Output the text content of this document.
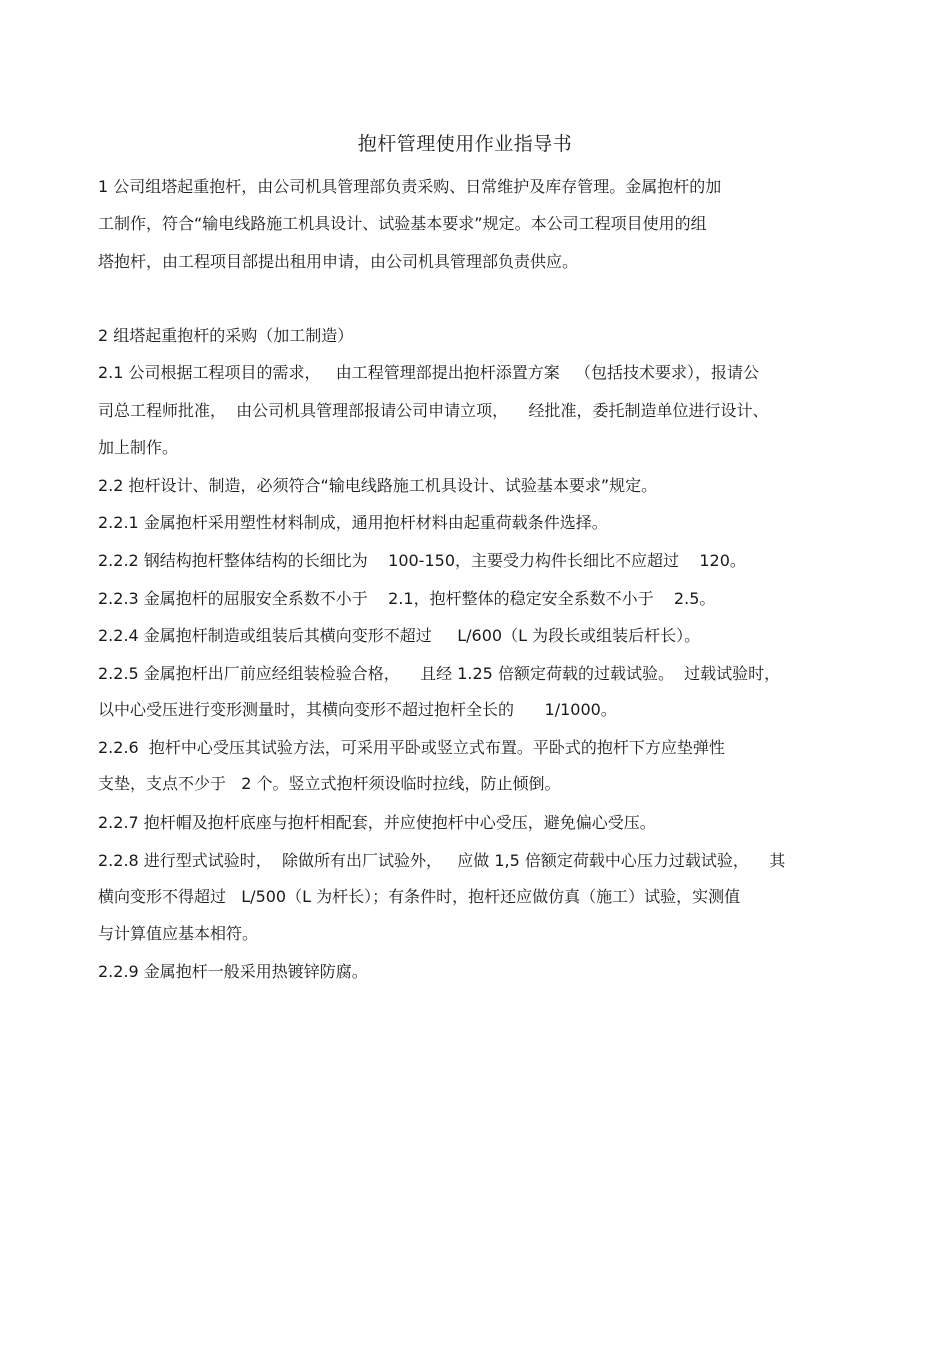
抱杆管理使用作业指导书
1 公司组塔起重抱杆，由公司机具管理部负责采购、日常维护及库存管理。金属抱杆的加
工制作，符合“输电线路施工机具设计、试验基本要求”规定。本公司工程项目使用的组
塔抱杆，由工程项目部提出租用申请，由公司机具管理部负责供应。
2 组塔起重抱杆的采购（加工制造）
2.1 公司根据工程项目的需求，   由工程管理部提出抱杆添置方案   （包括技术要求），报请公
司总工程师批准，  由公司机具管理部报请公司申请立项，    经批准，委托制造单位进行设计、
加上制作。
2.2 抱杆设计、制造，必须符合“输电线路施工机具设计、试验基本要求”规定。
2.2.1 金属抱杆采用塑性材料制成，通用抱杆材料由起重荷载条件选择。
2.2.2 钢结构抱杆整体结构的长细比为    100-150，主要受力构件长细比不应超过    120。
2.2.3 金属抱杆的屈服安全系数不小于    2.1，抱杆整体的稳定安全系数不小于    2.5。
2.2.4 金属抱杆制造或组装后其横向变形不超过     L/600（L 为段长或组装后杆长）。
2.2.5 金属抱杆出厂前应经组装检验合格，    且经 1.25 倍额定荷载的过载试验。  过载试验时，
以中心受压进行变形测量时，其横向变形不超过抱杆全长的      1/1000。
2.2.6  抱杆中心受压其试验方法，可采用平卧或竖立式布置。平卧式的抱杆下方应垫弹性
支垫，支点不少于   2 个。竖立式抱杆须设临时拉线，防止倾倒。
2.2.7 抱杆帽及抱杆底座与抱杆相配套，并应使抱杆中心受压，避免偏心受压。
2.2.8 进行型式试验时，  除做所有出厂试验外，   应做 1,5 倍额定荷载中心压力过载试验，    其
横向变形不得超过   L/500（L 为杆长）；有条件时，抱杆还应做仿真（施工）试验，实测值
与计算值应基本相符。
2.2.9 金属抱杆一般采用热镀锌防腐。
